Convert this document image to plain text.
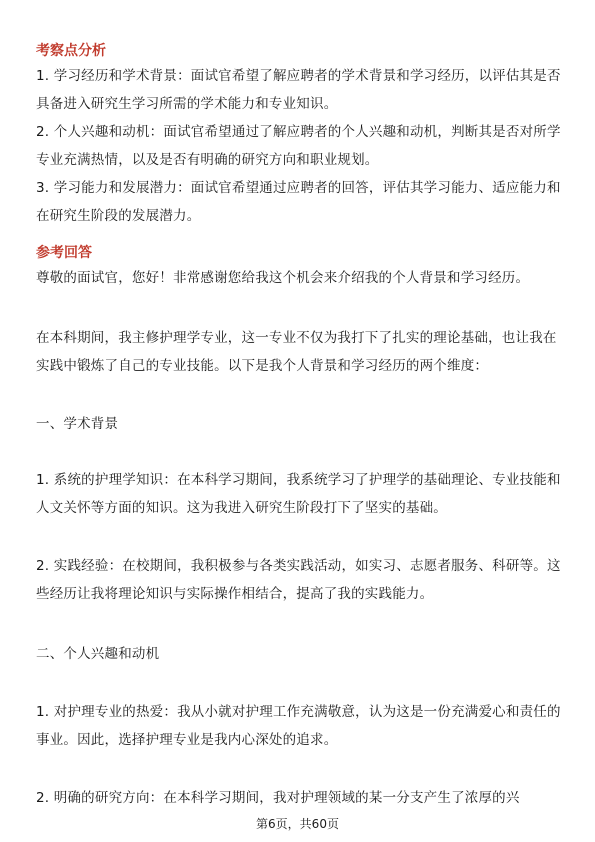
考察点分析

1. 学习经历和学术背景：面试官希望了解应聘者的学术背景和学习经历，以评估其是否具备进入研究生学习所需的学术能力和专业知识。

2. 个人兴趣和动机：面试官希望通过了解应聘者的个人兴趣和动机，判断其是否对所学专业充满热情，以及是否有明确的研究方向和职业规划。

3. 学习能力和发展潜力：面试官希望通过应聘者的回答，评估其学习能力、适应能力和在研究生阶段的发展潜力。

参考回答

尊敬的面试官，您好！非常感谢您给我这个机会来介绍我的个人背景和学习经历。

在本科期间，我主修护理学专业，这一专业不仅为我打下了扎实的理论基础，也让我在实践中锻炼了自己的专业技能。以下是我个人背景和学习经历的两个维度：

一、学术背景

1. 系统的护理学知识：在本科学习期间，我系统学习了护理学的基础理论、专业技能和人文关怀等方面的知识。这为我进入研究生阶段打下了坚实的基础。

2. 实践经验：在校期间，我积极参与各类实践活动，如实习、志愿者服务、科研等。这些经历让我将理论知识与实际操作相结合，提高了我的实践能力。

二、个人兴趣和动机

1. 对护理专业的热爱：我从小就对护理工作充满敬意，认为这是一份充满爱心和责任的事业。因此，选择护理专业是我内心深处的追求。

2. 明确的研究方向：在本科学习期间，我对护理领域的某一分支产生了浓厚的兴

第6页，共60页
